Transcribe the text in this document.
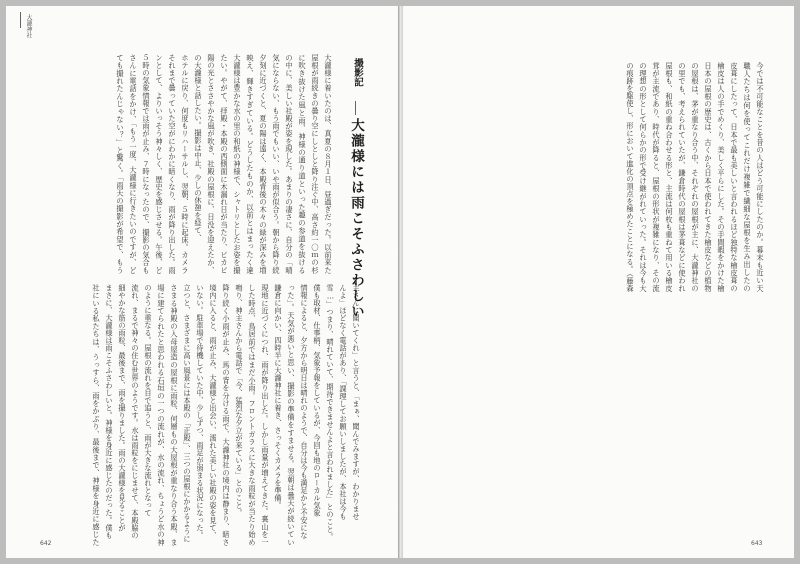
大瀧神社
撮影記
大瀧様には雨こそふさわしい
大瀧様に着いたのは、真夏の８月１日、昼過ぎだった。以前来た
屋根が雨続きの曇り空にしとしと降り注ぐ中、高さ約一〇ｍの杉
に吹き抜けた風と雨、神様の通り道といった趣の参道を抜ける
の中に、美しい社殿が姿を現した。あまりの凄さに、自分の「晴
気にならない、もう雨でもいい、いや雨が似合う。朝から降り続
夕刻に近づくと、夏の陽は遠く、本殿背後の木々の緑が深みを増
映え、輝きすぎている。どうしたものか、以前とはまったく違
大瀧様は豊かな水の里の和紙の神様で、シャトリとしたお姿を撮
たい。やがて、拝殿・本殿の西側面に木漏れ日が当たり、ピカピ
陽の光とささやかな風が吹き、社殿の屋根に、日没を迎えたか、
の大瀧様と話したい。撮影は中止、少しの休憩を経て、
ホテルに戻り、何度もリハーサルし、翌朝、５時に起床。カメラ
それまで曇っていた空がにわかに暗くなり、雨が降り出した。雨
ンとして、よりいっそう神々しく、歴史を感じさせる。午後、ど
５時の気象情報では雨が止み、７時になったので、撮影の気合も
さんに電話をかけ、「もう一度、大瀧様に行きたいのですが、ど
ても撮れたんじゃない？」と驚く。「雨天の撮影が希望で、もう
主さんに聞いてくれ」と言うと、「まぁ、聞んでみますが、わかりませ
んよ」ほどなく電話があり、「課理してお願いしましたが、本社は今も
雪…」つまり、晴れていて、期待できませんよと言われました」とのこと。
僕も取材、仕事柄、気象予報をしているが、今回も地のローカル気象
情報によると、夕方から明日は晴れのようで、自分は今も満足かと不安にな
った」。天気が悪いと思い、撮影の準備をすませる。翌朝は曇天が続いてい
鎌倉に向かい、四時半に大瀧神社に着き、さっそくカメラを準備。
現地に近づくにつれ、雨が降り出した。しかし雨量が増えてきた。裏山を一
した時点、鳥居前ではまだ小雨。フロントガラスに大きな雨粒が当たり始め
鳴り、神主さんから電話で「今、猛烈な夕立が来ている」とのこと。
降り続く小雨が止み、馬の背を分ける雨で、大瀧神社の境内は静まり、暗さ
境内に入ると、雨が止み、大瀧様と出会い、濡れた美しい社殿の姿を見て、
いない。駐車場で待機していた中、少しずつ、雨足が弱まる状況になった。
立つと、さまざまに高い風景には本殿の「正殿」、三つの屋根にかかるように
さまる神殿の入母屋造の屋根に雨粒、何層もの大屋根が重なり合う本殿、ま
場に建てられたと思われる石垣の一つの流れが、水の流れ、ちょうど水の神
のように重なる。屋根の流れを目で追うと、雨が大きな流れとなって
流れ、まるで神々の住む世界のようです。水は雨粒をにじませて、本殿脇の
細やかな筋の雨粒、最後まで、雨を撮りました。雨の大瀧様を見ることが
まさに、大瀧様は雨こそふさわしいと。神様を身近に感じたのだった。僕も
社にいる私たちは、うっすら、雨をかぶり、最後まで、神様を身近に感じた
642
今では不可能なことを昔の人はどう可能にしたのか。幕末も近い天
職人たちは何を使ってこれだけ複雑で繊細な屋根を生み出したの
皮葺にしたって、日本で最も美しいと言われるほど独特な檜皮葺の
檜皮は人の手でめくり、美しく平らにした。その手間暇をかけた檜
日本の屋根の歴史は、古くから日本で使われてきた檜皮などの植物
の屋根は、茅が重なり合う中、それぞれの屋根が主に、大瀧神社の
の里でも、考えられていたが、鎌倉時代の屋根は茅葺などに使われ
屋根も、和紙の重ね合わせる形と、主流は何枚も重ねて用いる檜皮
茸が主流であり、時代が降ると、屋根の形状が複雑になり、その流
の理想の形として何らかの形で受け継がれていった。それは今も大
の痕跡を駆使し、形において進化の頂点を極めたことになる。（藤森
643
